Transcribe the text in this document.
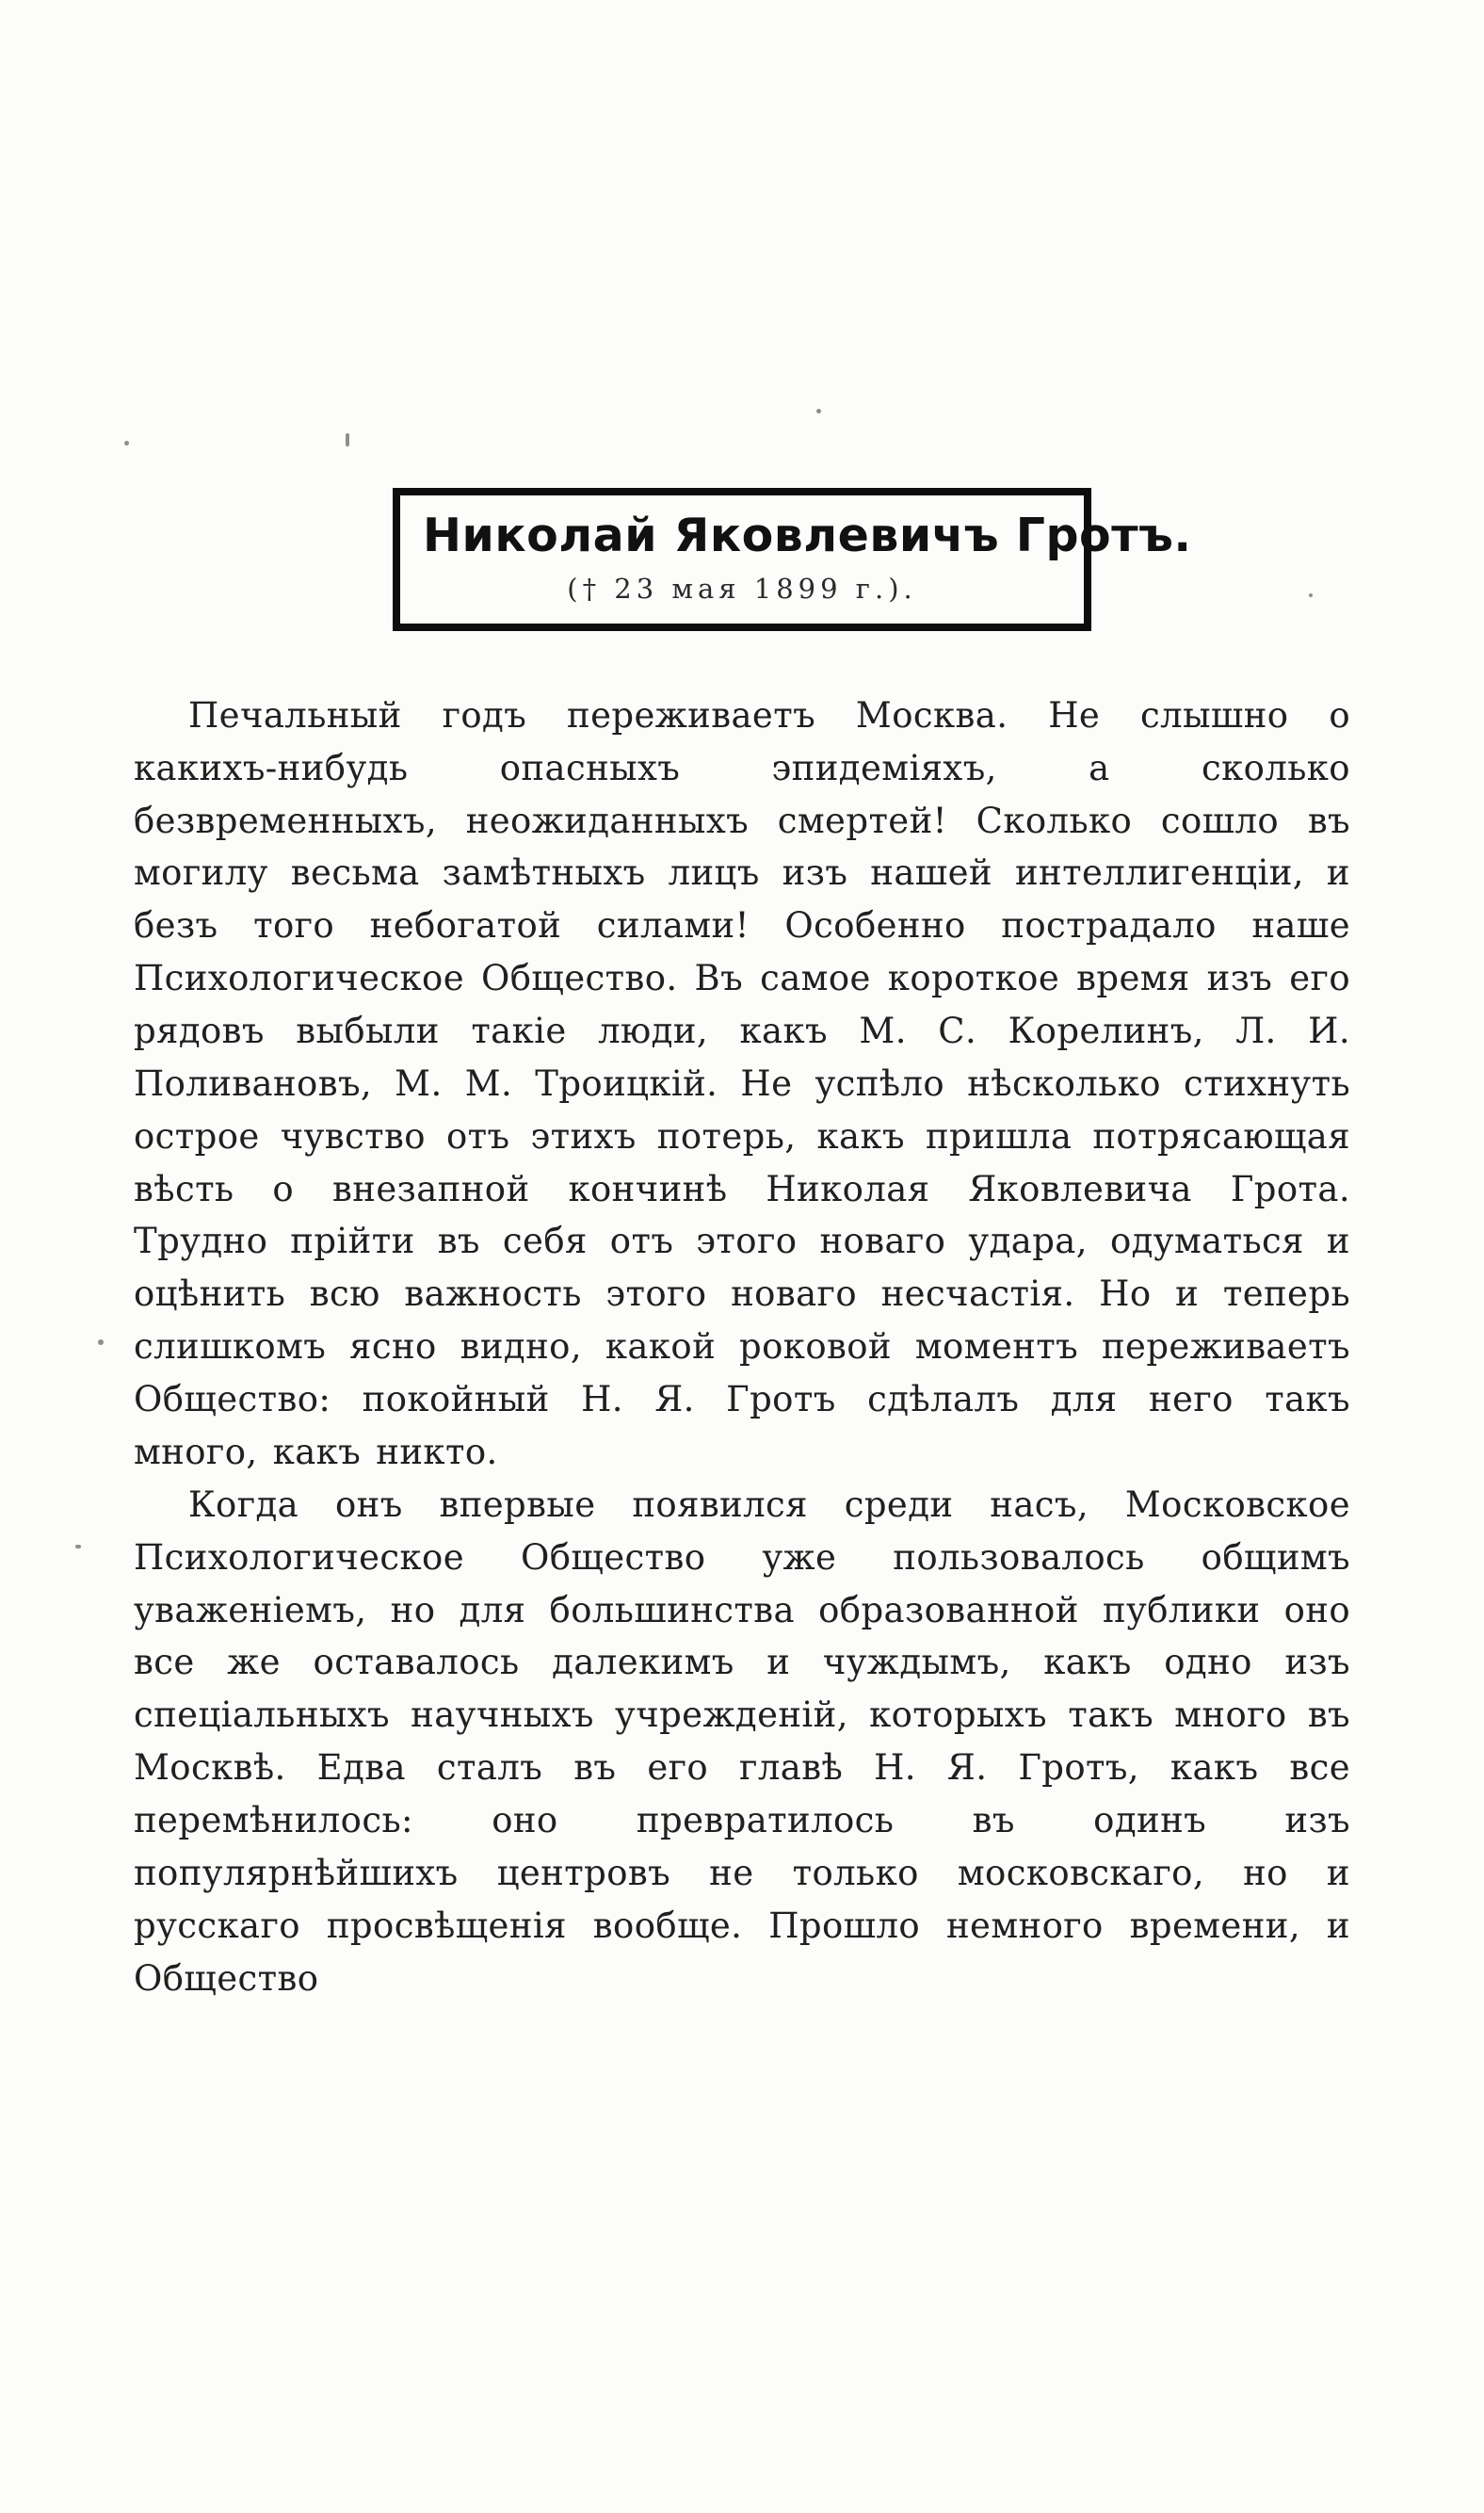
Николай Яковлевичъ Гротъ.

(† 23 мая 1899 г.).

Печальный годъ переживаетъ Москва. Не слышно о какихъ-нибудь опасныхъ эпидеміяхъ, а сколько безвременныхъ, неожиданныхъ смертей! Сколько сошло въ могилу весьма замѣтныхъ лицъ изъ нашей интеллигенціи, и безъ того небогатой силами! Особенно пострадало наше Психологическое Общество. Въ самое короткое время изъ его рядовъ выбыли такіе люди, какъ М. С. Корелинъ, Л. И. Поливановъ, М. М. Троицкій. Не успѣло нѣсколько стихнуть острое чувство отъ этихъ потерь, какъ пришла потрясающая вѣсть о внезапной кончинѣ Николая Яковлевича Грота. Трудно прійти въ себя отъ этого новаго удара, одуматься и оцѣнить всю важность этого новаго несчастія. Но и теперь слишкомъ ясно видно, какой роковой моментъ переживаетъ Общество: покойный Н. Я. Гротъ сдѣлалъ для него такъ много, какъ никто.

Когда онъ впервые появился среди насъ, Московское Психологическое Общество уже пользовалось общимъ уваженіемъ, но для большинства образованной публики оно все же оставалось далекимъ и чуждымъ, какъ одно изъ спеціальныхъ научныхъ учрежденій, которыхъ такъ много въ Москвѣ. Едва сталъ въ его главѣ Н. Я. Гротъ, какъ все перемѣнилось: оно превратилось въ одинъ изъ популярнѣйшихъ центровъ не только московскаго, но и русскаго просвѣщенія вообще. Прошло немного времени, и Общество
